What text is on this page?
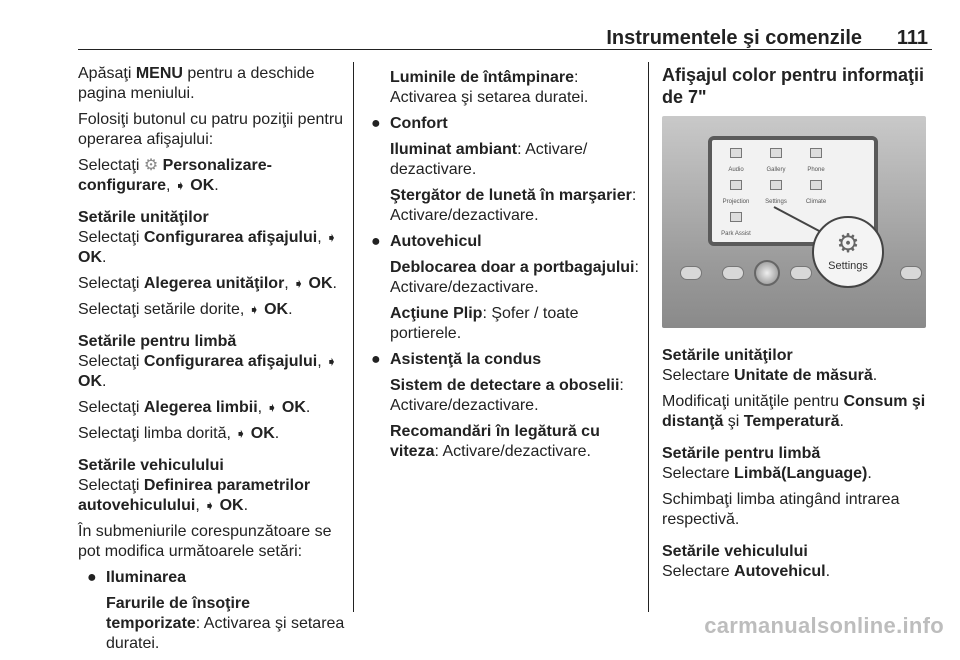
Instrumentele şi comenzile 111

Apăsaţi MENU pentru a deschide pagina meniului.

Folosiţi butonul cu patru poziţii pentru operarea afişajului:

Selectaţi ⚙ Personalizare-configurare, ➧ OK.

Setările unităţilor

Selectaţi Configurarea afişajului, ➧ OK.

Selectaţi Alegerea unităţilor, ➧ OK.

Selectaţi setările dorite, ➧ OK.

Setările pentru limbă

Selectaţi Configurarea afişajului, ➧ OK.

Selectaţi Alegerea limbii, ➧ OK.

Selectaţi limba dorită, ➧ OK.

Setările vehiculului

Selectaţi Definirea parametrilor autovehiculului, ➧ OK.

În submeniurile corespunzătoare se pot modifica următoarele setări:

● Iluminarea
Farurile de însoţire temporizate: Activarea şi setarea duratei.
Luminile de întâmpinare: Activarea şi setarea duratei.
● Confort
Iluminat ambiant: Activare/ dezactivare.
Ştergător de lunetă în marşarier: Activare/dezactivare.
● Autovehicul
Deblocarea doar a portbagajului: Activare/dezactivare.
Acţiune Plip: Şofer / toate portierele.
● Asistenţă la condus
Sistem de detectare a oboselii: Activare/dezactivare.
Recomandări în legătură cu viteza: Activare/dezactivare.
Afişajul color pentru informaţii de 7"
Audio	Gallery	Phone
Projection	Settings	Climate
Park Assist	⚙
Settings
Setările unităţilor

Selectare Unitate de măsură.

Modificaţi unităţile pentru Consum şi distanţă şi Temperatură.

Setările pentru limbă

Selectare Limbă(Language).

Schimbaţi limba atingând intrarea respectivă.

Setările vehiculului

Selectare Autovehicul.

carmanualsonline.info
